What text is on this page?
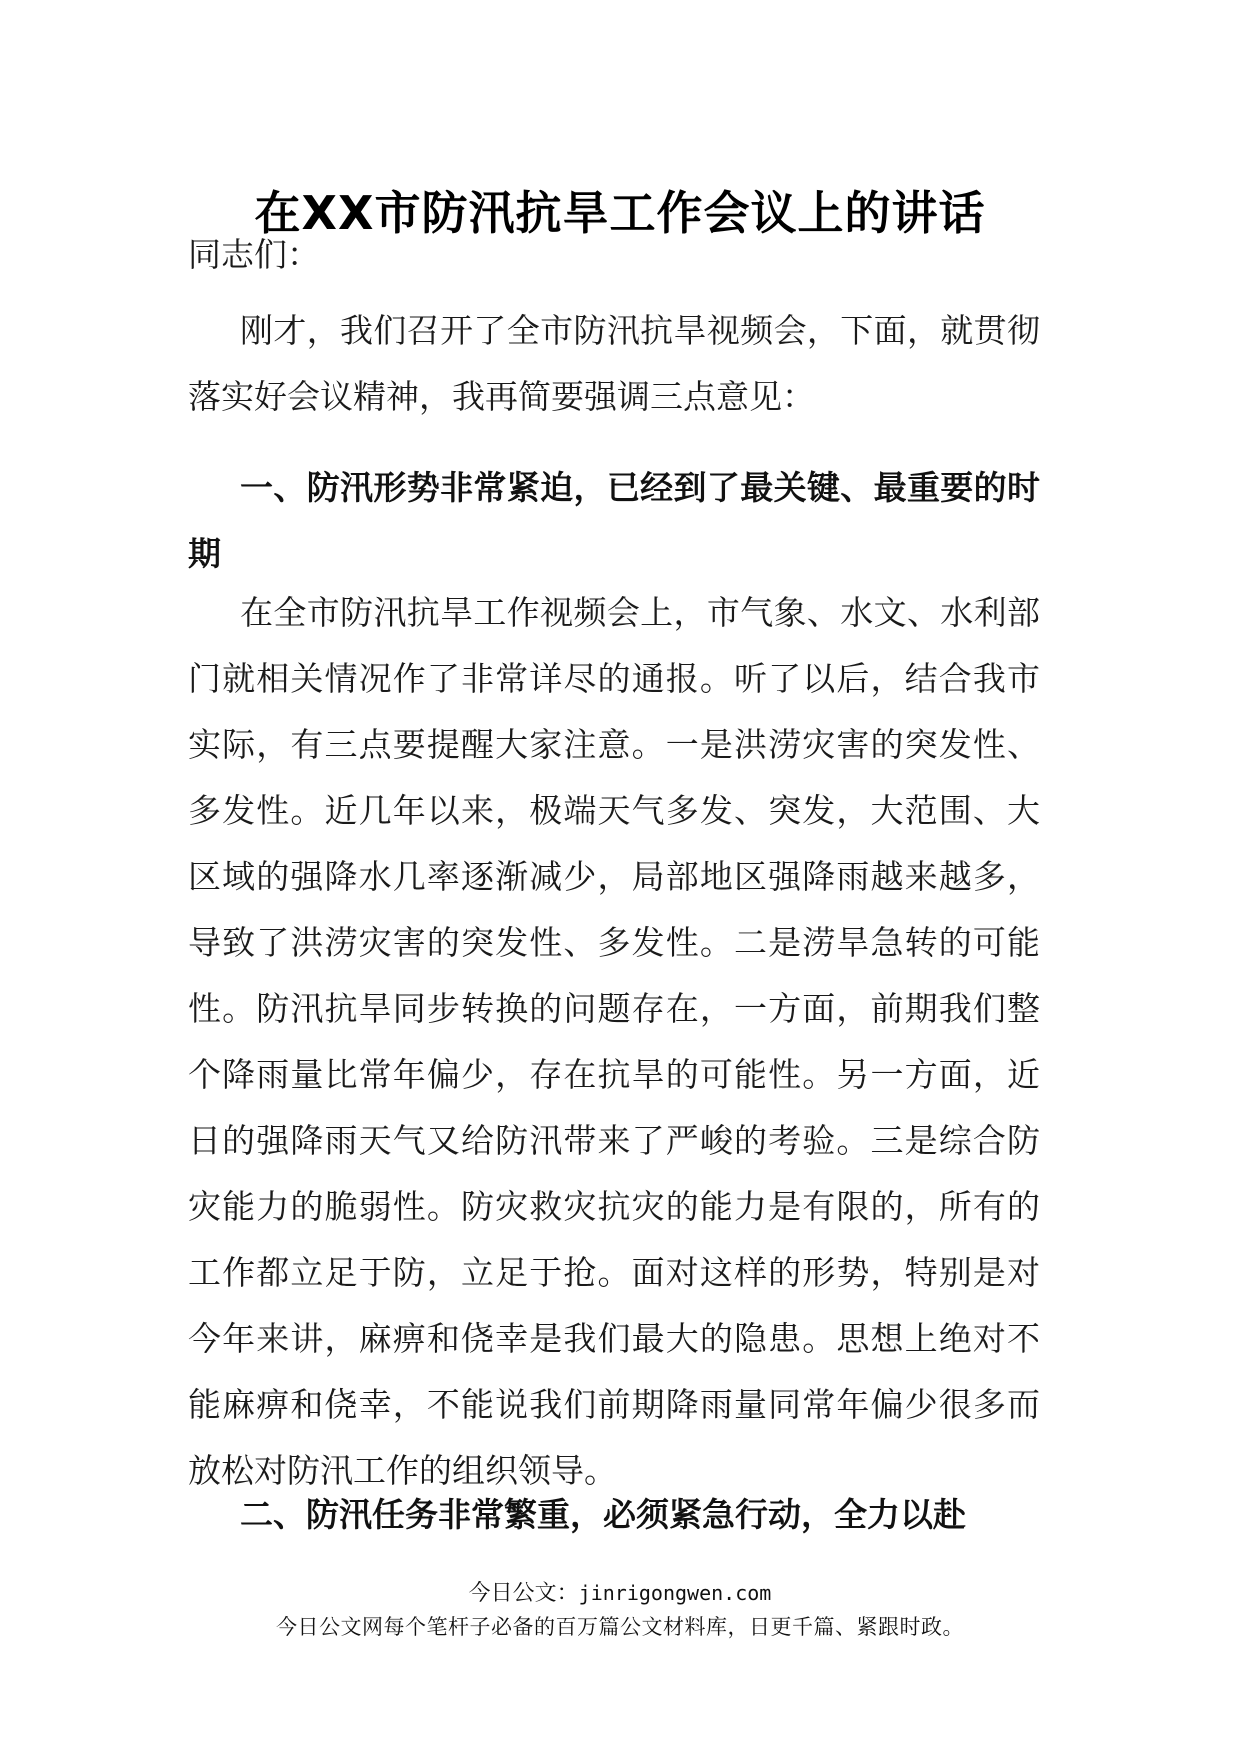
在XX市防汛抗旱工作会议上的讲话

同志们：

刚才，我们召开了全市防汛抗旱视频会，下面，就贯彻落实好会议精神，我再简要强调三点意见：

一、防汛形势非常紧迫，已经到了最关键、最重要的时期

在全市防汛抗旱工作视频会上，市气象、水文、水利部门就相关情况作了非常详尽的通报。听了以后，结合我市实际，有三点要提醒大家注意。一是洪涝灾害的突发性、多发性。近几年以来，极端天气多发、突发，大范围、大区域的强降水几率逐渐减少，局部地区强降雨越来越多，导致了洪涝灾害的突发性、多发性。二是涝旱急转的可能性。防汛抗旱同步转换的问题存在，一方面，前期我们整个降雨量比常年偏少，存在抗旱的可能性。另一方面，近日的强降雨天气又给防汛带来了严峻的考验。三是综合防灾能力的脆弱性。防灾救灾抗灾的能力是有限的，所有的工作都立足于防，立足于抢。面对这样的形势，特别是对今年来讲，麻痹和侥幸是我们最大的隐患。思想上绝对不能麻痹和侥幸，不能说我们前期降雨量同常年偏少很多而放松对防汛工作的组织领导。

二、防汛任务非常繁重，必须紧急行动，全力以赴

今日公文：jinrigongwen.com
今日公文网每个笔杆子必备的百万篇公文材料库，日更千篇、紧跟时政。
